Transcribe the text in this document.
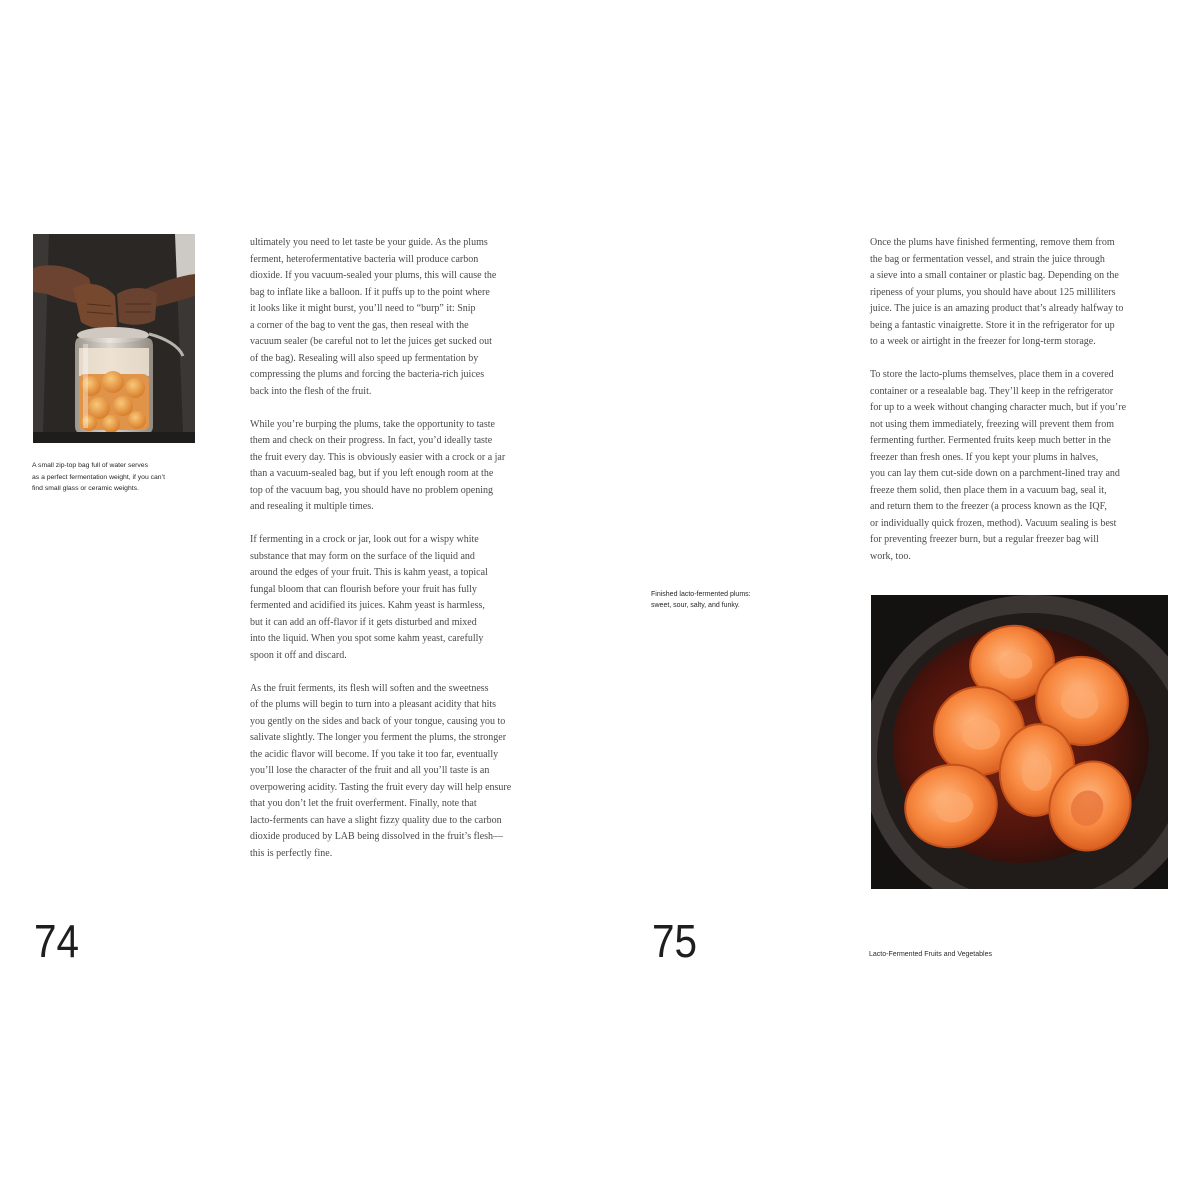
A small zip-top bag full of water serves
as a perfect fermentation weight, if you can’t
find small glass or ceramic weights.
ultimately you need to let taste be your guide. As the plums
ferment, heterofermentative bacteria will produce carbon
dioxide. If you vacuum-sealed your plums, this will cause the
bag to inflate like a balloon. If it puffs up to the point where
it looks like it might burst, you’ll need to “burp” it: Snip
a corner of the bag to vent the gas, then reseal with the
vacuum sealer (be careful not to let the juices get sucked out
of the bag). Resealing will also speed up fermentation by
compressing the plums and forcing the bacteria-rich juices
back into the flesh of the fruit.
While you’re burping the plums, take the opportunity to taste
them and check on their progress. In fact, you’d ideally taste
the fruit every day. This is obviously easier with a crock or a jar
than a vacuum-sealed bag, but if you left enough room at the
top of the vacuum bag, you should have no problem opening
and resealing it multiple times.
If fermenting in a crock or jar, look out for a wispy white
substance that may form on the surface of the liquid and
around the edges of your fruit. This is kahm yeast, a topical
fungal bloom that can flourish before your fruit has fully
fermented and acidified its juices. Kahm yeast is harmless,
but it can add an off-flavor if it gets disturbed and mixed
into the liquid. When you spot some kahm yeast, carefully
spoon it off and discard.
As the fruit ferments, its flesh will soften and the sweetness
of the plums will begin to turn into a pleasant acidity that hits
you gently on the sides and back of your tongue, causing you to
salivate slightly. The longer you ferment the plums, the stronger
the acidic flavor will become. If you take it too far, eventually
you’ll lose the character of the fruit and all you’ll taste is an
overpowering acidity. Tasting the fruit every day will help ensure
that you don’t let the fruit overferment. Finally, note that
lacto-ferments can have a slight fizzy quality due to the carbon
dioxide produced by LAB being dissolved in the fruit’s flesh—
this is perfectly fine.
74
Once the plums have finished fermenting, remove them from
the bag or fermentation vessel, and strain the juice through
a sieve into a small container or plastic bag. Depending on the
ripeness of your plums, you should have about 125 milliliters
juice. The juice is an amazing product that’s already halfway to
being a fantastic vinaigrette. Store it in the refrigerator for up
to a week or airtight in the freezer for long-term storage.
To store the lacto-plums themselves, place them in a covered
container or a resealable bag. They’ll keep in the refrigerator
for up to a week without changing character much, but if you’re
not using them immediately, freezing will prevent them from
fermenting further. Fermented fruits keep much better in the
freezer than fresh ones. If you kept your plums in halves,
you can lay them cut-side down on a parchment-lined tray and
freeze them solid, then place them in a vacuum bag, seal it,
and return them to the freezer (a process known as the IQF,
or individually quick frozen, method). Vacuum sealing is best
for preventing freezer burn, but a regular freezer bag will
work, too.
Finished lacto-fermented plums:
sweet, sour, salty, and funky.
75	Lacto-Fermented Fruits and Vegetables
